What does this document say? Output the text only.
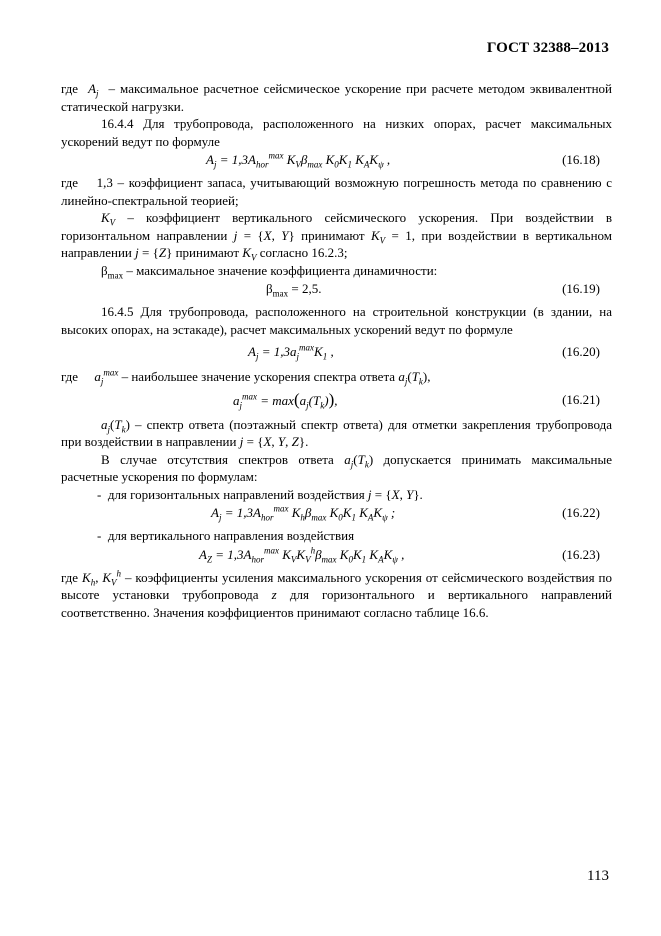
ГОСТ 32388–2013

где  $A_j$  – максимальное расчетное сейсмическое ускорение при расчете методом эквивалентной статической нагрузки.

16.4.4 Для трубопровода, расположенного на низких опорах, расчет максимальных ускорений ведут по формуле

$A_j = 1,3A_{hor}^{max}$ $K_V\beta_{max}$ $K_0K_1$ $K_AK_\psi$ ,	(16.18)

где    1,3 – коэффициент запаса, учитывающий возможную погрешность метода по сравнению с линейно-спектральной теорией;

$K_V$ – коэффициент вертикального сейсмического ускорения. При воздействии в горизонтальном направлении j = {X, Y} принимают $K_V = 1$, при воздействии в вертикальном направлении j = {Z} принимают $K_V$ согласно 16.2.3;

$\beta_{max}$ – максимальное значение коэффициента динамичности:

$\beta_{max} = 2,5$.	(16.19)

16.4.5 Для трубопровода, расположенного на строительной конструкции (в здании, на высоких опорах, на эстакаде), расчет максимальных ускорений ведут по формуле

$A_j = 1,3a_j^{max}K_1$ ,	(16.20)

где     $a_j^{max}$ – наибольшее значение ускорения спектра ответа $a_j(T_k)$,

$a_j^{max} = \max(a_j(T_k))$,	(16.21)

$a_j(T_k)$ – спектр ответа (поэтажный спектр ответа) для отметки закрепления трубопровода при воздействии в направлении j = {X, Y, Z}.

В случае отсутствия спектров ответа $a_j(T_k)$ допускается принимать максимальные расчетные ускорения по формулам:

-  для горизонтальных направлений воздействия j = {X, Y}.

$A_j = 1,3A_{hor}^{max}$ $K_h\beta_{max}$ $K_0K_1$ $K_AK_\psi$ ;	(16.22)

-  для вертикального направления воздействия

$A_Z = 1,3A_{hor}^{max}$ $K_VK_V^h\beta_{max}$ $K_0K_1$ $K_AK_\psi$ ,	(16.23)

где $K_h$, $K_V^h$ – коэффициенты усиления максимального ускорения от сейсмического воздействия по высоте установки трубопровода z для горизонтального и вертикального направлений соответственно. Значения коэффициентов принимают согласно таблице 16.6.

113
